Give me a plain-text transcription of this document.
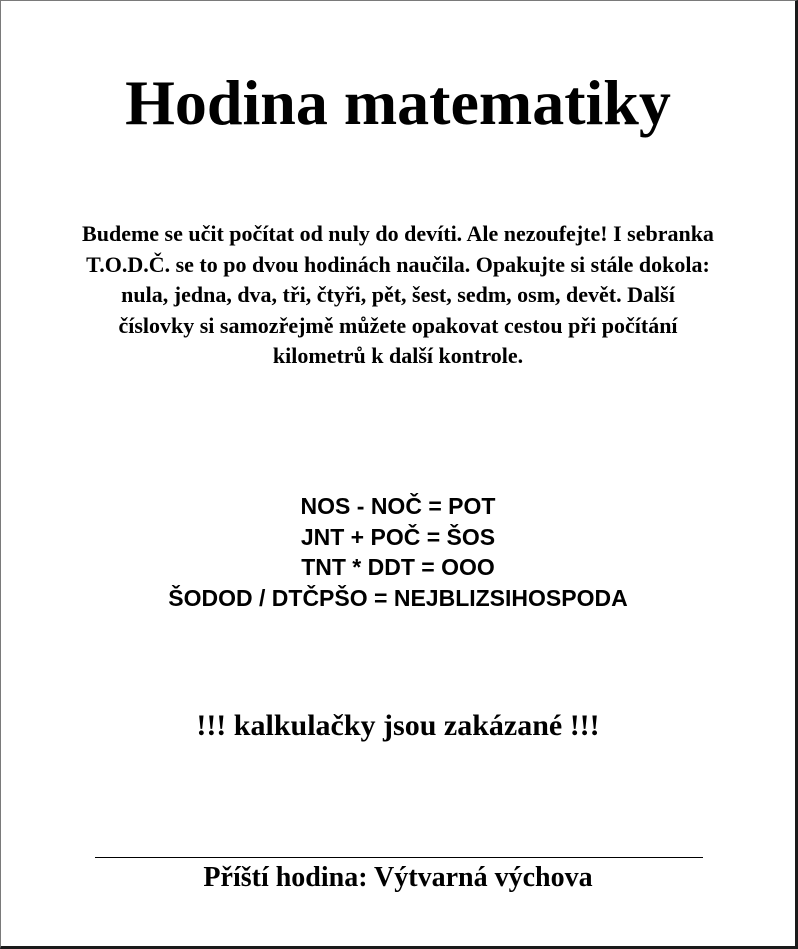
Hodina matematiky

Budeme se učit počítat od nuly do devíti. Ale nezoufejte! I sebranka T.O.D.Č. se to po dvou hodinách naučila. Opakujte si stále dokola: nula, jedna, dva, tři, čtyři, pět, šest, sedm, osm, devět. Další číslovky si samozřejmě můžete opakovat cestou při počítání kilometrů k další kontrole.

NOS - NOČ = POT
JNT + POČ = ŠOS
TNT * DDT = OOO
ŠODOD / DTČPŠO = NEJBLIZSIHOSPODA

!!! kalkulačky jsou zakázané !!!

Příští hodina: Výtvarná výchova
